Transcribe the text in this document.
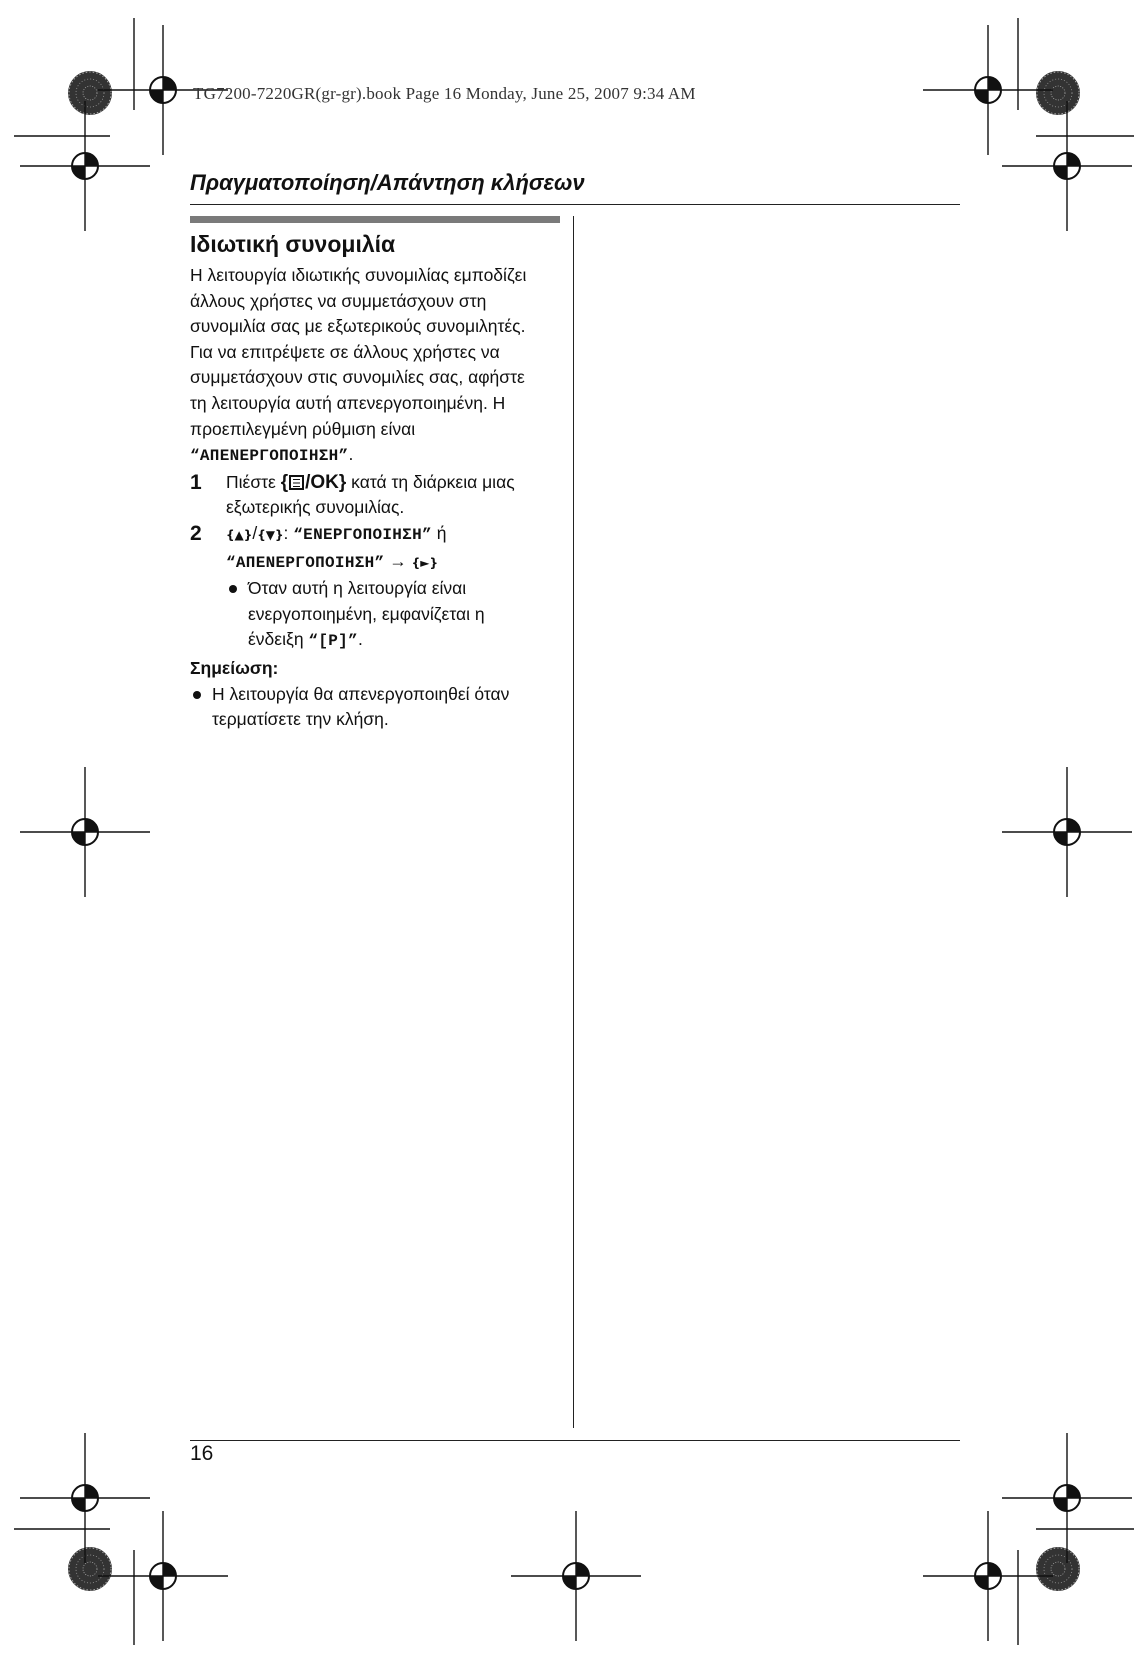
TG7200-7220GR(gr-gr).book Page 16 Monday, June 25, 2007 9:34 AM
Πραγματοποίηση/Απάντηση κλήσεων
Ιδιωτική συνομιλία

Η λειτουργία ιδιωτικής συνομιλίας εμποδίζει
άλλους χρήστες να συμμετάσχουν στη
συνομιλία σας με εξωτερικούς συνομιλητές.
Για να επιτρέψετε σε άλλους χρήστες να
συμμετάσχουν στις συνομιλίες σας, αφήστε
τη λειτουργία αυτή απενεργοποιημένη. Η
προεπιλεγμένη ρύθμιση είναι
“ΑΠΕΝΕΡΓΟΠΟΙΗΣΗ”.

1 Πιέστε { /OK} κατά τη διάρκεια μιας
εξωτερικής συνομιλίας.
2 {▲}/{▼}: “ΕΝΕΡΓΟΠΟΙΗΣΗ” ή
“ΑΠΕΝΕΡΓΟΠΟΙΗΣΗ” → {►}
Όταν αυτή η λειτουργία είναι
ενεργοποιημένη, εμφανίζεται η
ένδειξη “[P]”.

Σημείωση:

Η λειτουργία θα απενεργοποιηθεί όταν
τερματίσετε την κλήση.
16
